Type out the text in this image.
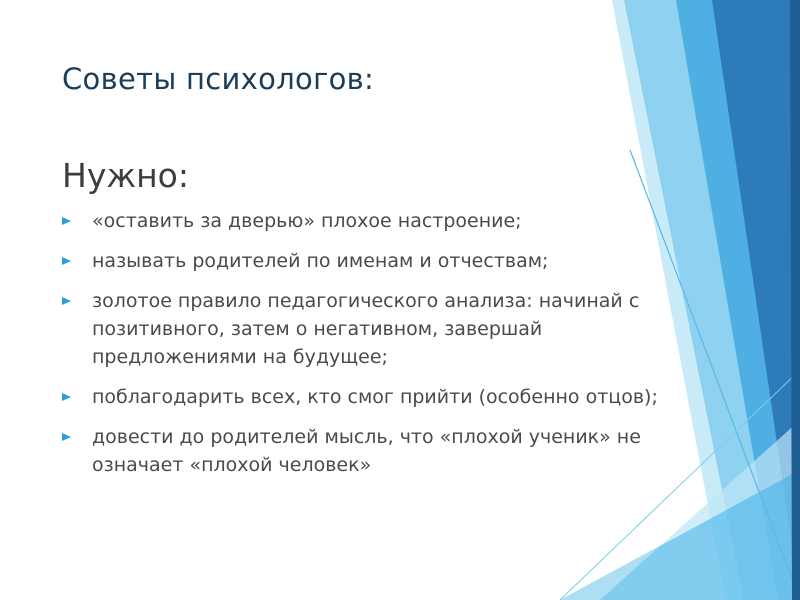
Советы психологов:
Нужно:
«оставить за дверью» плохое настроение;
называть родителей по именам и отчествам;
золотое правило педагогического анализа: начинай с позитивного, затем о негативном, завершай предложениями на будущее;
поблагодарить всех, кто смог прийти (особенно отцов);
довести до родителей мысль, что «плохой ученик» не означает «плохой человек»
